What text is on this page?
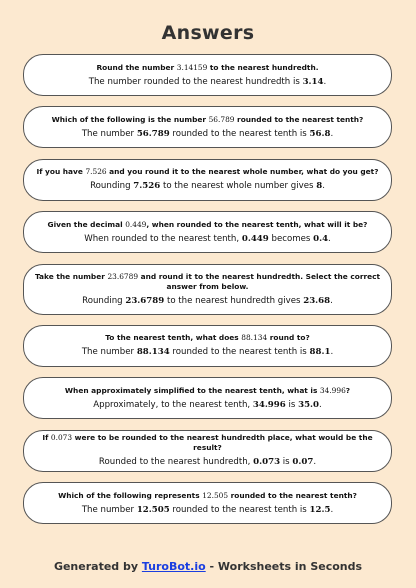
Answers
Round the number 3.14159 to the nearest hundredth.
The number rounded to the nearest hundredth is 3.14.
Which of the following is the number 56.789 rounded to the nearest tenth?
The number 56.789 rounded to the nearest tenth is 56.8.
If you have 7.526 and you round it to the nearest whole number, what do you get?
Rounding 7.526 to the nearest whole number gives 8.
Given the decimal 0.449, when rounded to the nearest tenth, what will it be?
When rounded to the nearest tenth, 0.449 becomes 0.4.
Take the number 23.6789 and round it to the nearest hundredth. Select the correct answer from below.
Rounding 23.6789 to the nearest hundredth gives 23.68.
To the nearest tenth, what does 88.134 round to?
The number 88.134 rounded to the nearest tenth is 88.1.
When approximately simplified to the nearest tenth, what is 34.996?
Approximately, to the nearest tenth, 34.996 is 35.0.
If 0.073 were to be rounded to the nearest hundredth place, what would be the result?
Rounded to the nearest hundredth, 0.073 is 0.07.
Which of the following represents 12.505 rounded to the nearest tenth?
The number 12.505 rounded to the nearest tenth is 12.5.
Generated by TuroBot.io - Worksheets in Seconds
